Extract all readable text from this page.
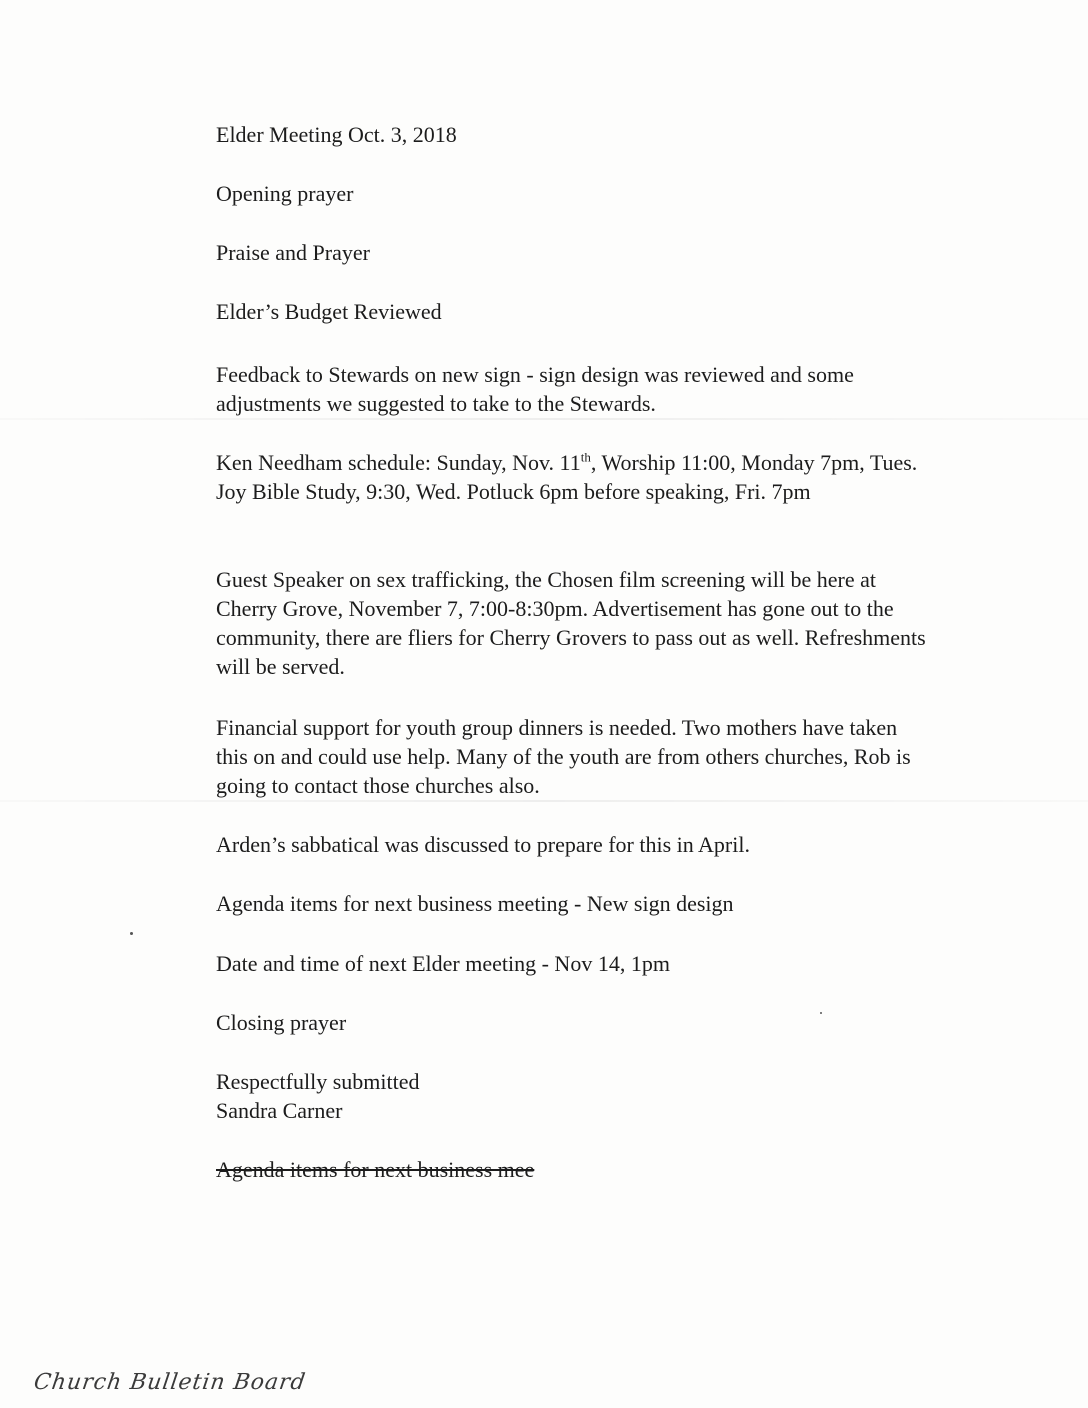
Elder Meeting Oct. 3, 2018

Opening prayer

Praise and Prayer

Elder’s Budget Reviewed

Feedback to Stewards on new sign - sign design was reviewed and some adjustments we suggested to take to the Stewards.

Ken Needham schedule: Sunday, Nov. 11th, Worship 11:00, Monday 7pm, Tues. Joy Bible Study, 9:30, Wed. Potluck 6pm before speaking, Fri. 7pm

Guest Speaker on sex trafficking, the Chosen film screening will be here at Cherry Grove, November 7, 7:00-8:30pm. Advertisement has gone out to the community, there are fliers for Cherry Grovers to pass out as well. Refreshments will be served.

Financial support for youth group dinners is needed. Two mothers have taken this on and could use help. Many of the youth are from others churches, Rob is going to contact those churches also.

Arden’s sabbatical was discussed to prepare for this in April.

Agenda items for next business meeting - New sign design

Date and time of next Elder meeting - Nov 14, 1pm

Closing prayer

Respectfully submitted

Sandra Carner

Agenda items for next business mee

Church Bulletin Board
